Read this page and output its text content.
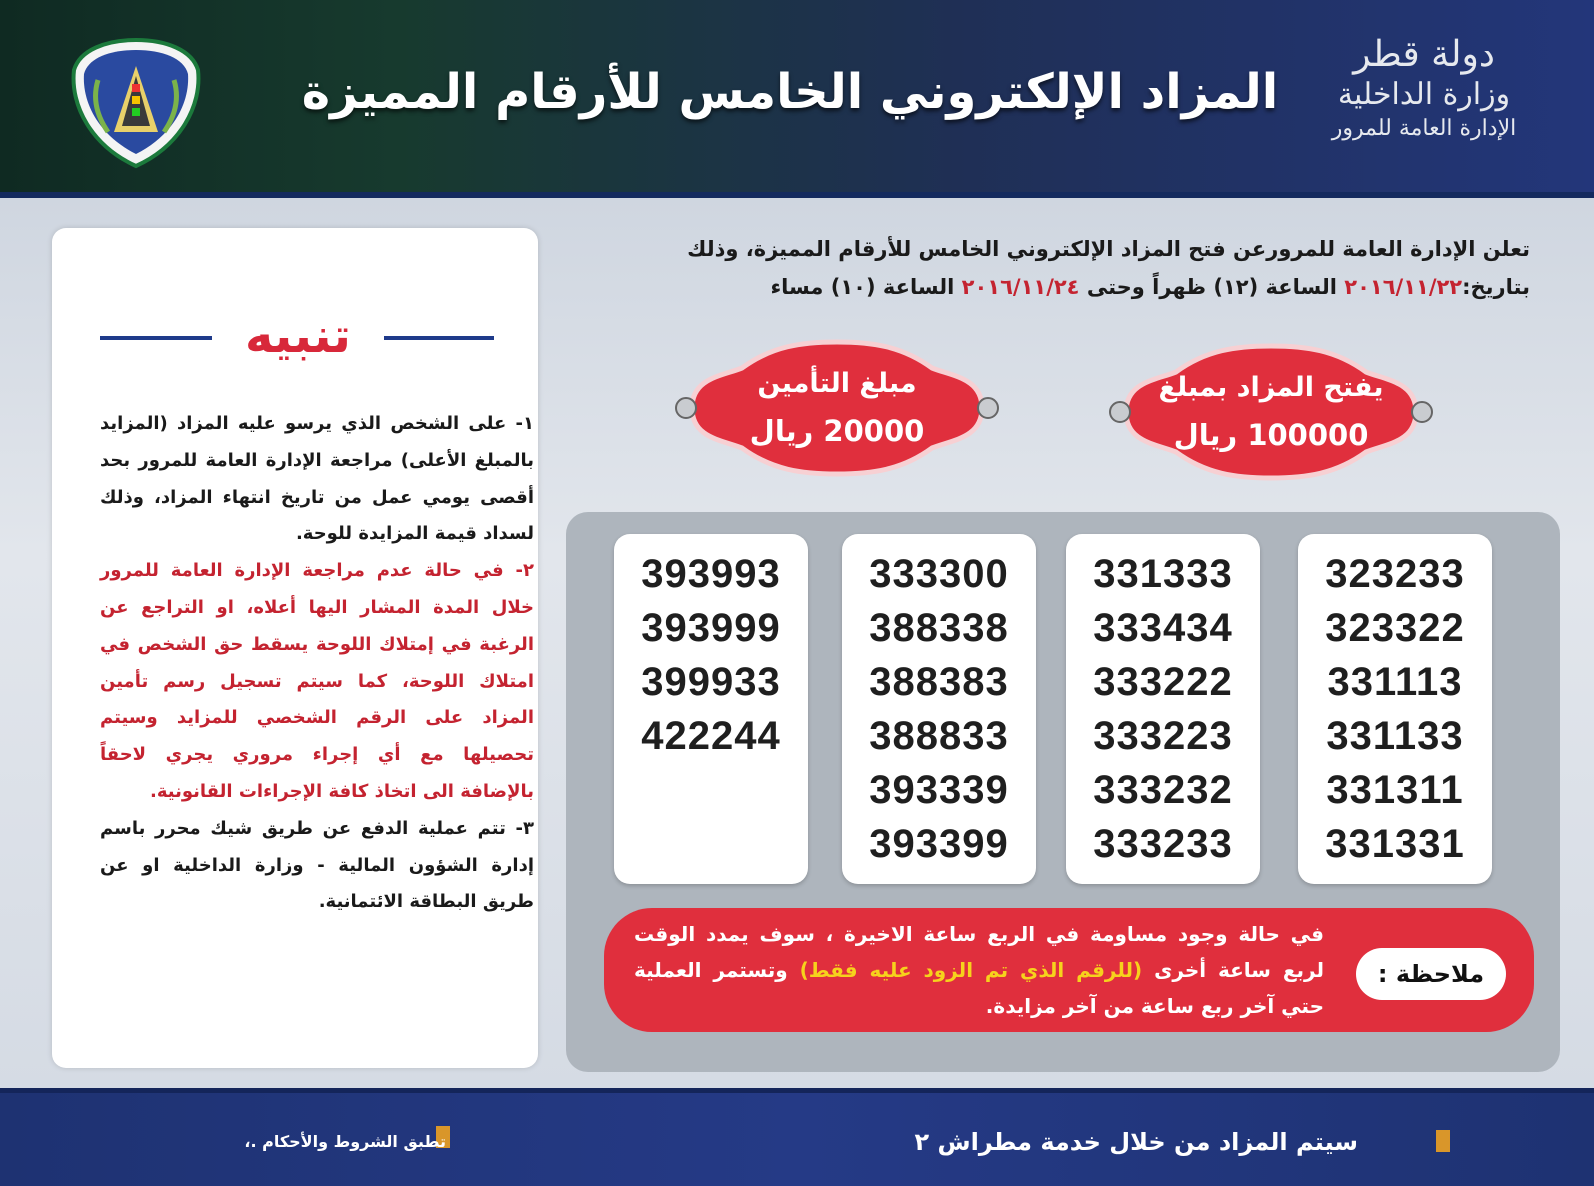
المزاد الإلكتروني الخامس للأرقام المميزة
دولة قطر
وزارة الداخلية
الإدارة العامة للمرور
تنبيه
١- على الشخص الذي يرسو عليه المزاد (المزايد بالمبلغ الأعلى) مراجعة الإدارة العامة للمرور بحد أقصى يومي عمل من تاريخ انتهاء المزاد، وذلك لسداد قيمة المزايدة للوحة.
٢- في حالة عدم مراجعة الإدارة العامة للمرور خلال المدة المشار اليها أعلاه، او التراجع عن الرغبة في إمتلاك اللوحة يسقط حق الشخص في امتلاك اللوحة، كما سيتم تسجيل رسم تأمين المزاد على الرقم الشخصي للمزايد وسيتم تحصيلها مع أي إجراء مروري يجري لاحقاً بالإضافة الى اتخاذ كافة الإجراءات القانونية.
٣- تتم عملية الدفع عن طريق شيك محرر باسم إدارة الشؤون المالية - وزارة الداخلية او عن طريق البطاقة الائتمانية.
تعلن الإدارة العامة للمرورعن فتح المزاد الإلكتروني الخامس للأرقام المميزة، وذلك
بتاريخ:٢٠١٦/١١/٢٢ الساعة (١٢) ظهراً وحتى ٢٠١٦/١١/٢٤ الساعة (١٠) مساء
يفتح المزاد بمبلغ
100000 ريال
مبلغ التأمين
20000 ريال
323233
323322
331113
331133
331311
331331
331333
333434
333222
333223
333232
333233
333300
388338
388383
388833
393339
393399
393993
393999
399933
422244
ملاحظة :
في حالة وجود مساومة في الربع ساعة الاخيرة ، سوف يمدد الوقت لربع ساعة أخرى (للرقم الذي تم الزود عليه فقط) وتستمر العملية حتي آخر ربع ساعة من آخر مزايدة.
سيتم المزاد من خلال خدمة مطراش ٢
تطبق الشروط والأحكام .،
